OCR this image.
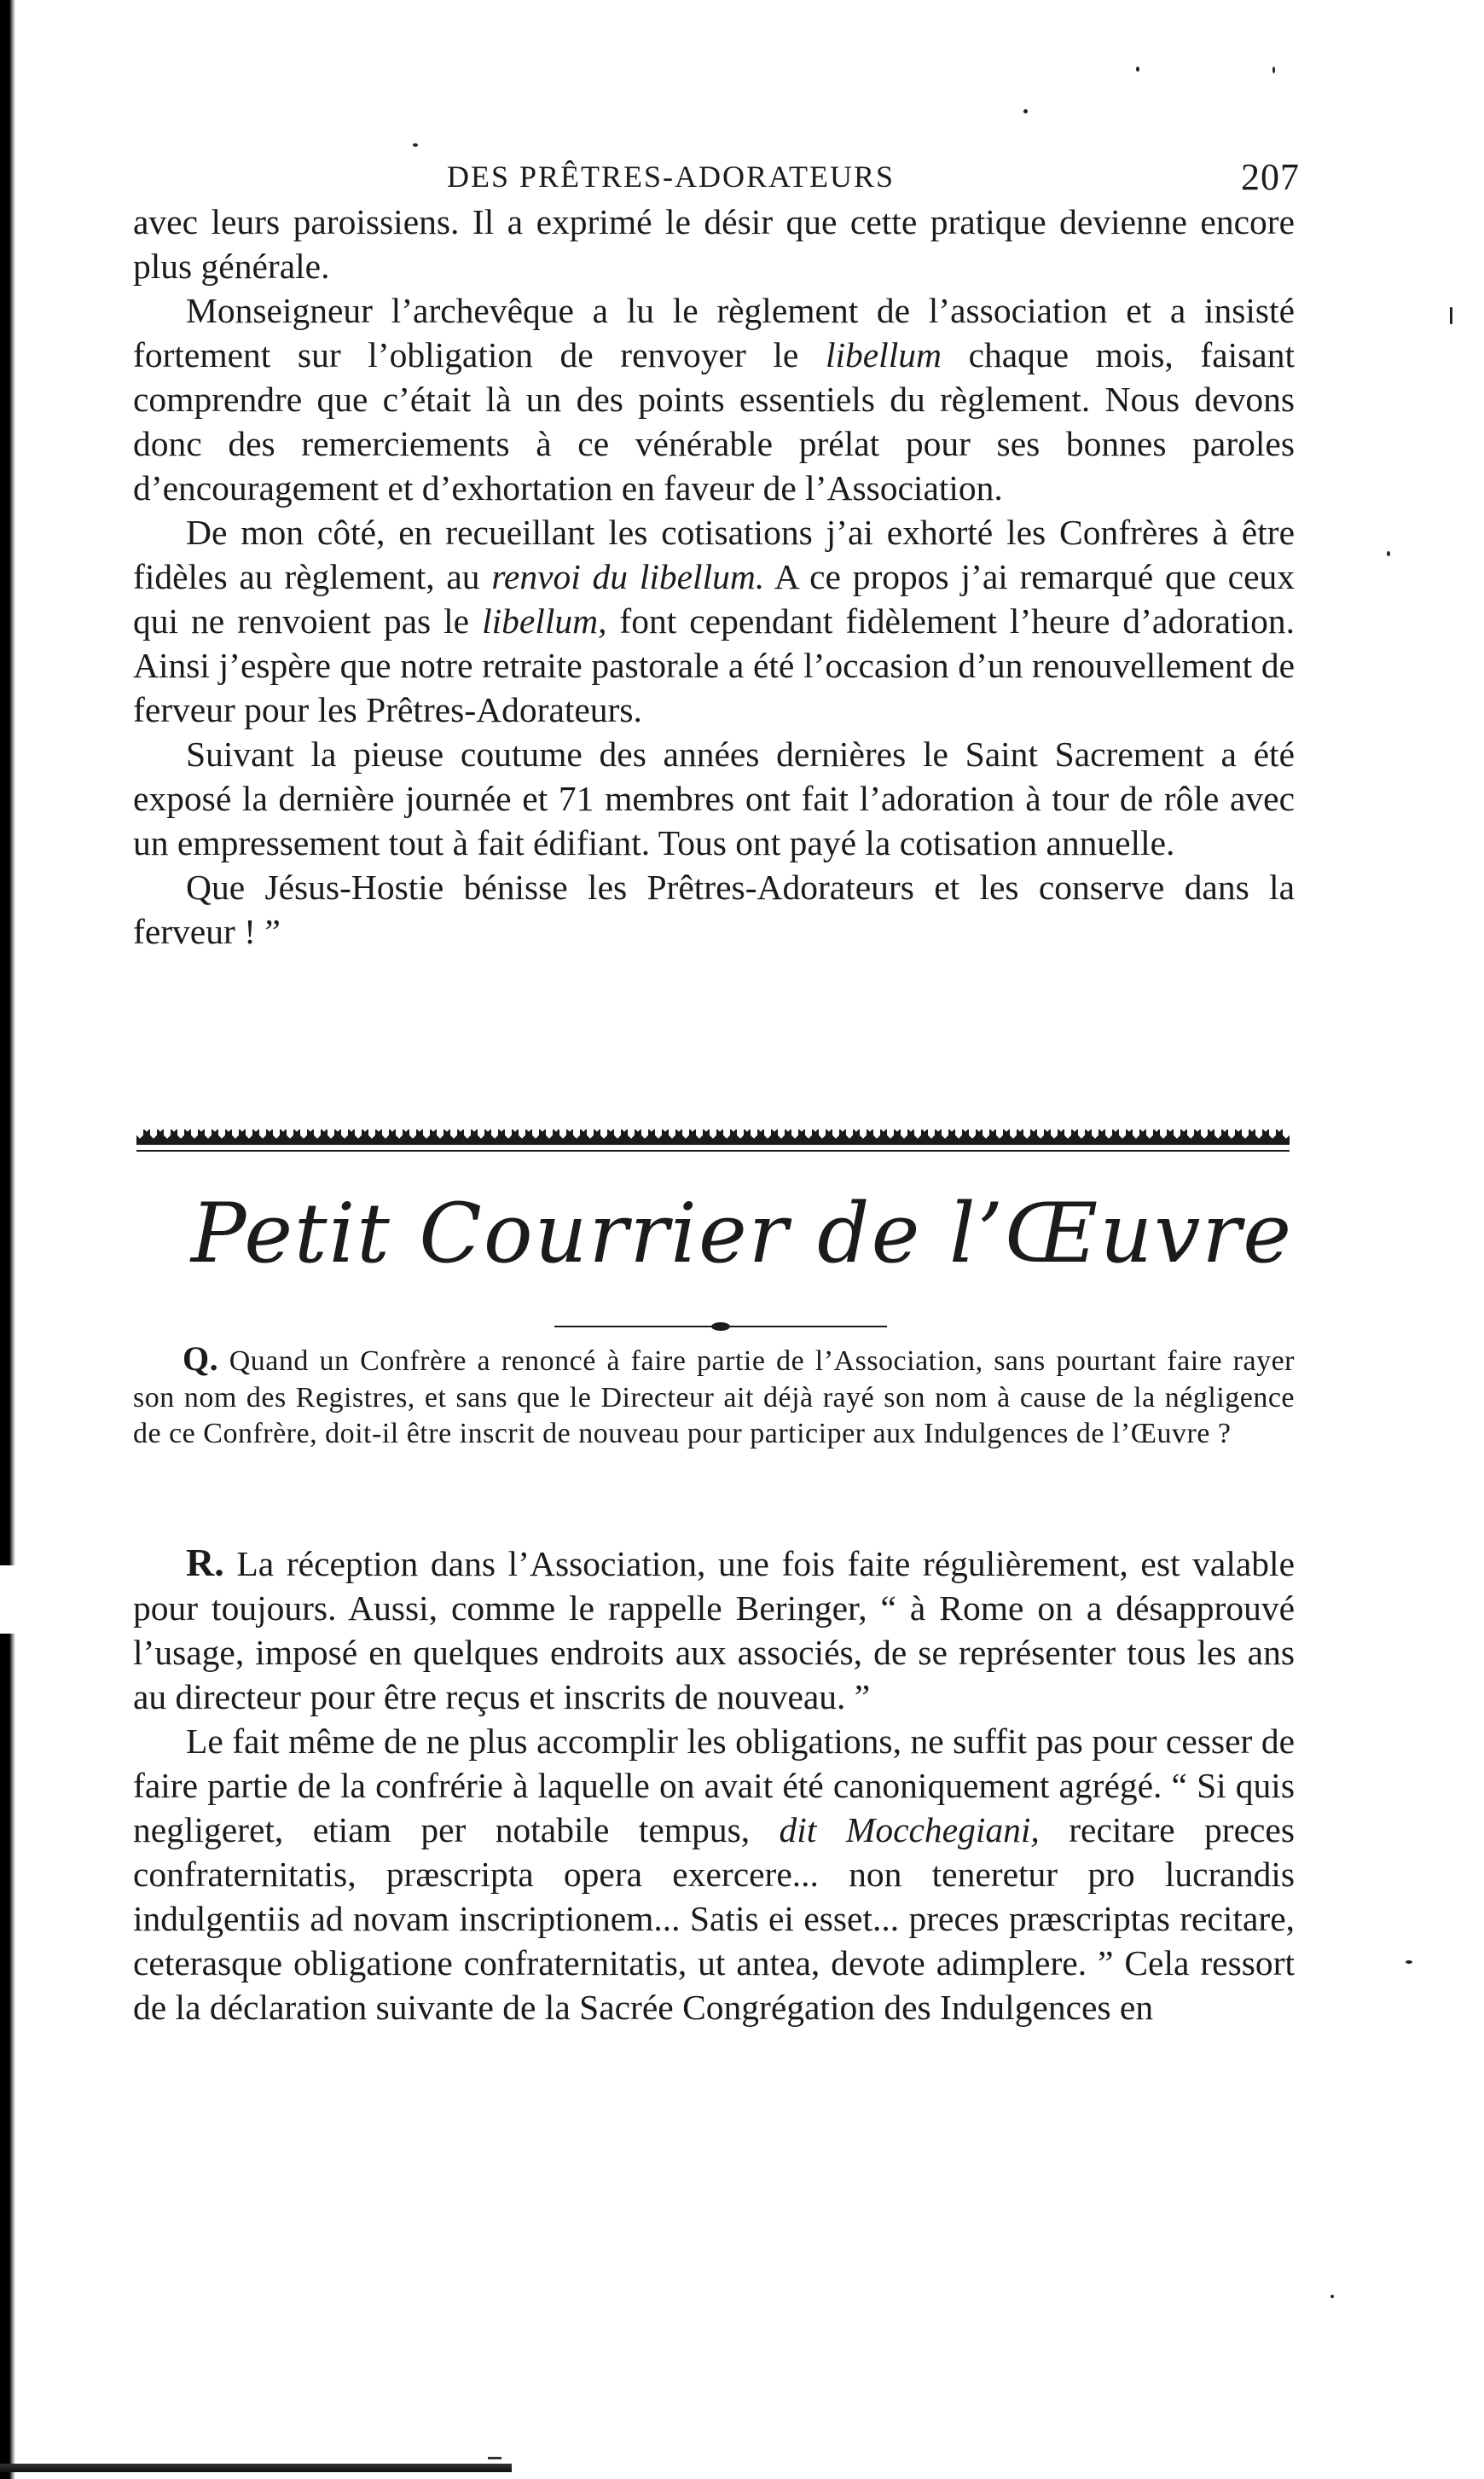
DES PRÊTRES-ADORATEURS	207

avec leurs paroissiens. Il a exprimé le désir que cette pratique devienne encore plus générale.

Monseigneur l’archevêque a lu le règlement de l’association et a insisté fortement sur l’obligation de renvoyer le libellum chaque mois, faisant comprendre que c’était là un des points essentiels du règlement. Nous devons donc des remerciements à ce vénérable prélat pour ses bonnes paroles d’encouragement et d’exhortation en faveur de l’Association.

De mon côté, en recueillant les cotisations j’ai exhorté les Confrères à être fidèles au règlement, au renvoi du libellum. A ce propos j’ai remarqué que ceux qui ne renvoient pas le libellum, font cependant fidèlement l’heure d’adoration. Ainsi j’espère que notre retraite pastorale a été l’occasion d’un renouvellement de ferveur pour les Prêtres-Adorateurs.

Suivant la pieuse coutume des années dernières le Saint Sacrement a été exposé la dernière journée et 71 membres ont fait l’adoration à tour de rôle avec un empressement tout à fait édifiant. Tous ont payé la cotisation annuelle.

Que Jésus-Hostie bénisse les Prêtres-Adorateurs et les conserve dans la ferveur ! ”

Petit Courrier de l’Œuvre

Q. Quand un Confrère a renoncé à faire partie de l’Association, sans pourtant faire rayer son nom des Registres, et sans que le Directeur ait déjà rayé son nom à cause de la négligence de ce Confrère, doit-il être inscrit de nouveau pour participer aux Indulgences de l’Œuvre ?

R. La réception dans l’Association, une fois faite régulièrement, est valable pour toujours. Aussi, comme le rappelle Beringer, “ à Rome on a désapprouvé l’usage, imposé en quelques endroits aux associés, de se représenter tous les ans au directeur pour être reçus et inscrits de nouveau. ”

Le fait même de ne plus accomplir les obligations, ne suffit pas pour cesser de faire partie de la confrérie à laquelle on avait été canoniquement agrégé. “ Si quis negligeret, etiam per notabile tempus, dit Mocchegiani, recitare preces confraternitatis, præscripta opera exercere... non teneretur pro lucrandis indulgentiis ad novam inscriptionem... Satis ei esset... preces præscriptas recitare, ceterasque obligatione confraternitatis, ut antea, devote adimplere. ” Cela ressort de la déclaration suivante de la Sacrée Congrégation des Indulgences en
